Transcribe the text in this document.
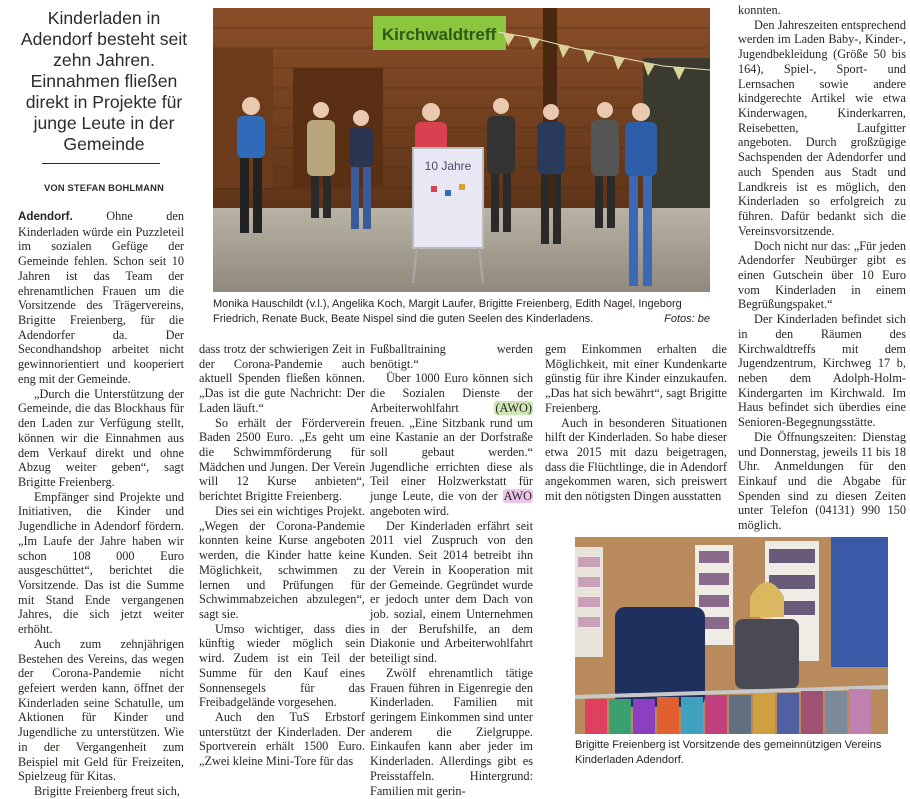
Kinderladen in Adendorf besteht seit zehn Jahren. Einnahmen fließen direkt in Projekte für junge Leute in der Gemeinde
VON STEFAN BOHLMANN

Adendorf.	Ohne den Kinderladen würde ein Puzzleteil im sozialen Gefüge der Gemeinde fehlen. Schon seit 10 Jahren ist das Team der ehrenamtlichen Frauen um die Vorsitzende des Trägervereins, Brigitte Freienberg, für die Adendorfer da. Der Secondhandshop arbeitet nicht gewinnorientiert und kooperiert eng mit der Gemeinde.

„Durch die Unterstützung der Gemeinde, die das Blockhaus für den Laden zur Verfügung stellt, können wir die Einnahmen aus dem Verkauf direkt und ohne Abzug weiter geben“, sagt Brigitte Freienberg.

Empfänger sind Projekte und Initiativen, die Kinder und Jugendliche in Adendorf fördern. „Im Laufe der Jahre haben wir schon 108 000 Euro ausgeschüttet“, berichtet die Vorsitzende. Das ist die Summe mit Stand Ende vergangenen Jahres, die sich jetzt weiter erhöht.

Auch zum zehnjährigen Bestehen des Vereins, das wegen der Corona-Pandemie nicht gefeiert werden kann, öffnet der Kinderladen seine Schatulle, um Aktionen für Kinder und Jugendliche zu unterstützen. Wie in der Vergangenheit zum Beispiel mit Geld für Freizeiten, Spielzeug für Kitas.

Brigitte Freienberg freut sich,

Kirchwaldtreff
10 Jahre
Monika Hauschildt (v.l.), Angelika Koch, Margit Laufer, Brigitte Freienberg, Edith Nagel, Ingeborg Friedrich, Renate Buck, Beate Nispel sind die guten Seelen des Kinderladens.	Fotos: be

dass trotz der schwierigen Zeit in der Corona-Pandemie auch aktuell Spenden fließen können. „Das ist die gute Nachricht: Der Laden läuft.“

So erhält der Förderverein Baden 2500 Euro. „Es geht um die Schwimmförderung für Mädchen und Jungen. Der Verein will 12 Kurse anbieten“, berichtet Brigitte Freienberg.

Dies sei ein wichtiges Projekt. „Wegen der Corona-Pandemie konnten keine Kurse angeboten werden, die Kinder hatte keine Möglichkeit, schwimmen zu lernen und Prüfungen für Schwimmabzeichen abzulegen“, sagt sie.

Umso wichtiger, dass dies künftig wieder möglich sein wird. Zudem ist ein Teil der Summe für den Kauf eines Sonnensegels für das Freibadgelände vorgesehen.

Auch den TuS Erbstorf unterstützt der Kinderladen. Der Sportverein erhält 1500 Euro. „Zwei kleine Mini-Tore für das

Fußballtraining werden benötigt.“

Über 1000 Euro können sich die Sozialen Dienste der Arbeiterwohlfahrt (AWO) freuen. „Eine Sitzbank rund um eine Kastanie an der Dorfstraße soll gebaut werden.“ Jugendliche errichten diese als Teil einer Holzwerkstatt für junge Leute, die von der AWO angeboten wird.

Der Kinderladen erfährt seit 2011 viel Zuspruch von den Kunden. Seit 2014 betreibt ihn der Verein in Kooperation mit der Gemeinde. Gegründet wurde er jedoch unter dem Dach von job. sozial, einem Unternehmen in der Berufshilfe, an dem Diakonie und Arbeiterwohlfahrt beteiligt sind.

Zwölf ehrenamtlich tätige Frauen führen in Eigenregie den Kinderladen. Familien mit geringem Einkommen sind unter anderem die Zielgruppe. Einkaufen kann aber jeder im Kinderladen. Allerdings gibt es Preisstaffeln. Hintergrund: Familien mit gerin-

gem Einkommen erhalten die Möglichkeit, mit einer Kundenkarte günstig für ihre Kinder einzukaufen. „Das hat sich bewährt“, sagt Brigitte Freienberg.

Auch in besonderen Situationen hilft der Kinderladen. So habe dieser etwa 2015 mit dazu beigetragen, dass die Flüchtlinge, die in Adendorf angekommen waren, sich preiswert mit den nötigsten Dingen ausstatten

konnten.

Den Jahreszeiten entsprechend werden im Laden Baby-, Kinder-, Jugendbekleidung (Größe 50 bis 164), Spiel-, Sport- und Lernsachen sowie andere kindgerechte Artikel wie etwa Kinderwagen, Kinderkarren, Reisebetten, Laufgitter angeboten. Durch großzügige Sachspenden der Adendorfer und auch Spenden aus Stadt und Landkreis ist es möglich, den Kinderladen so erfolgreich zu führen. Dafür bedankt sich die Vereinsvorsitzende.

Doch nicht nur das: „Für jeden Adendorfer Neubürger gibt es einen Gutschein über 10 Euro vom Kinderladen in einem Begrüßungspaket.“

Der Kinderladen befindet sich in den Räumen des Kirchwaldtreffs mit dem Jugendzentrum, Kirchweg 17 b, neben dem Adolph-Holm-Kindergarten im Kirchwald. Im Haus befindet sich überdies eine Senioren-Begegnungsstätte.

Die Öffnungszeiten: Dienstag und Donnerstag, jeweils 11 bis 18 Uhr. Anmeldungen für den Einkauf und die Abgabe für Spenden sind zu diesen Zeiten unter Telefon (04131) 990 150 möglich.

Brigitte Freienberg ist Vorsitzende des gemeinnützigen Vereins Kinderladen Adendorf.
